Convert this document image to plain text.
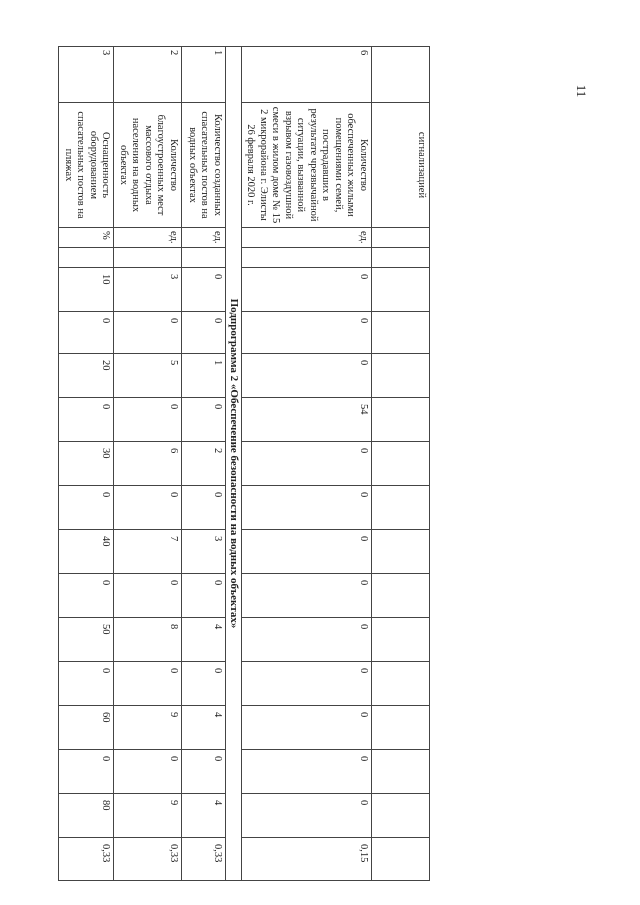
11
	сигнализацией																
6	Количество обеспеченных жилыми помещениями семей, пострадавших в результате чрезвычайной ситуации, вызванной взрывом газовоздушной смеси в жилом доме № 15 2 микрорайона г. Элисты 26 февраля 2020 г.	ед.		0	0	0	54	0	0	0	0	0	0	0	0	0	0,15
Подпрограмма 2 «Обеспечение безопасности на водных объектах»																	
1	Количество созданных спасательных постов на водных объектах	ед.		0	0	1	0	2	0	3	0	4	0	4	0	4	0,33
2	Количество благоустроенных мест массового отдыха населения на водных объектах	ед.		3	0	5	0	6	0	7	0	8	0	9	0	9	0,33
3	Оснащенность оборудованием спасательных постов на пляжах	%		10	0	20	0	30	0	40	0	50	0	60	0	80	0,33
